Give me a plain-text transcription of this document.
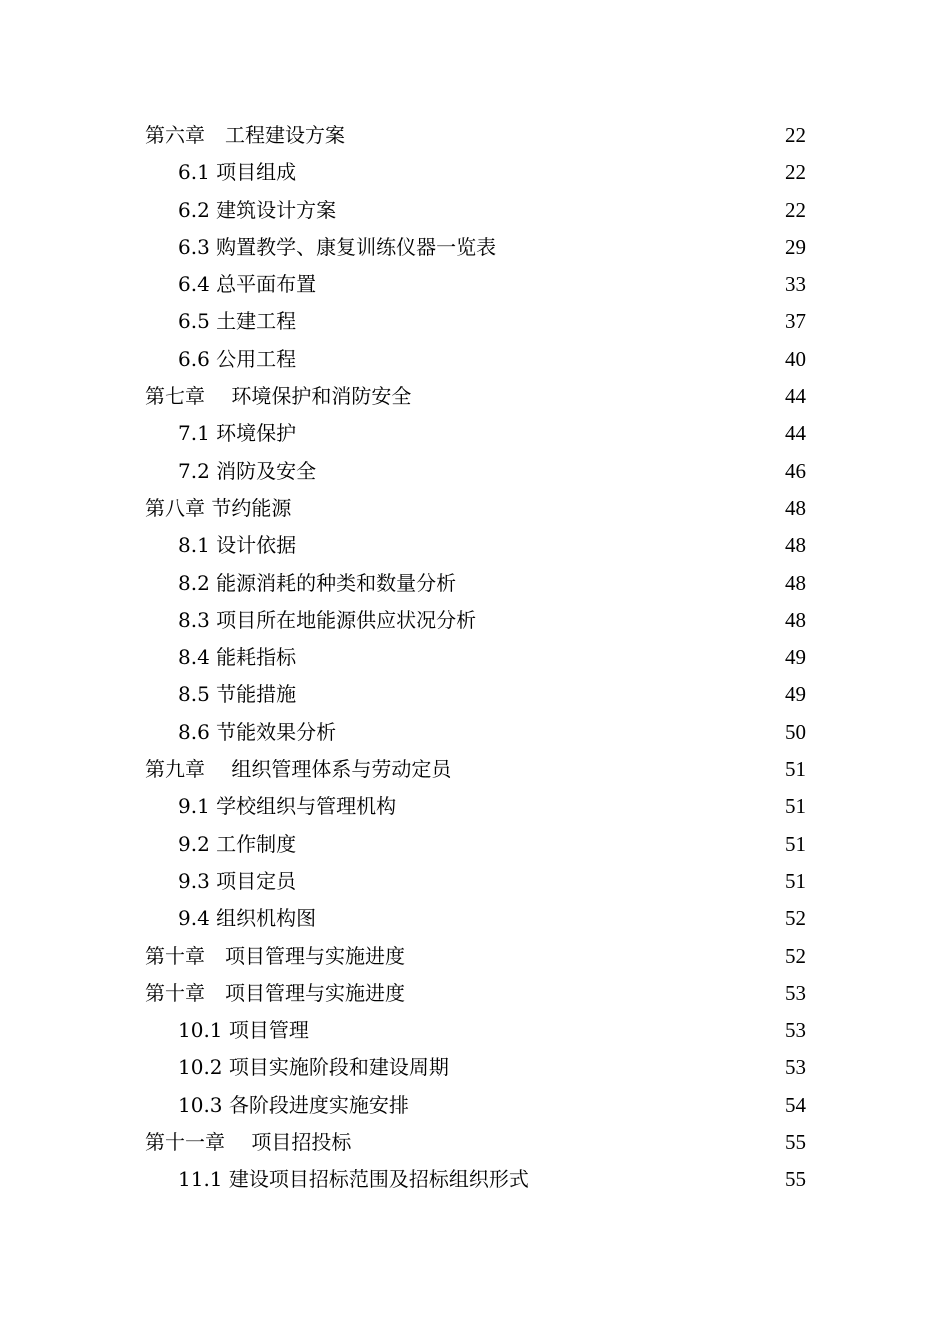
第六章　工程建设方案 .....	22
6.1 项目组成 .....	22
6.2 建筑设计方案 .....	22
6.3 购置教学、康复训练仪器一览表 .....	29
6.4 总平面布置 .....	33
6.5 土建工程 .....	37
6.6 公用工程 .....	40
第七章　 环境保护和消防安全 .....	44
7.1 环境保护 .....	44
7.2 消防及安全 .....	46
第八章 节约能源 .....	48
8.1 设计依据 .....	48
8.2 能源消耗的种类和数量分析 .....	48
8.3 项目所在地能源供应状况分析 .....	48
8.4 能耗指标 .....	49
8.5 节能措施 .....	49
8.6 节能效果分析 .....	50
第九章　 组织管理体系与劳动定员 .....	51
9.1 学校组织与管理机构 .....	51
9.2 工作制度 .....	51
9.3 项目定员 .....	51
9.4 组织机构图 .....	52
第十章　项目管理与实施进度 .....	52
第十章　项目管理与实施进度 .....	53
10.1 项目管理 .....	53
10.2 项目实施阶段和建设周期 .....	53
10.3 各阶段进度实施安排 .....	54
第十一章　 项目招投标 .....	55
11.1 建设项目招标范围及招标组织形式 .....	55
